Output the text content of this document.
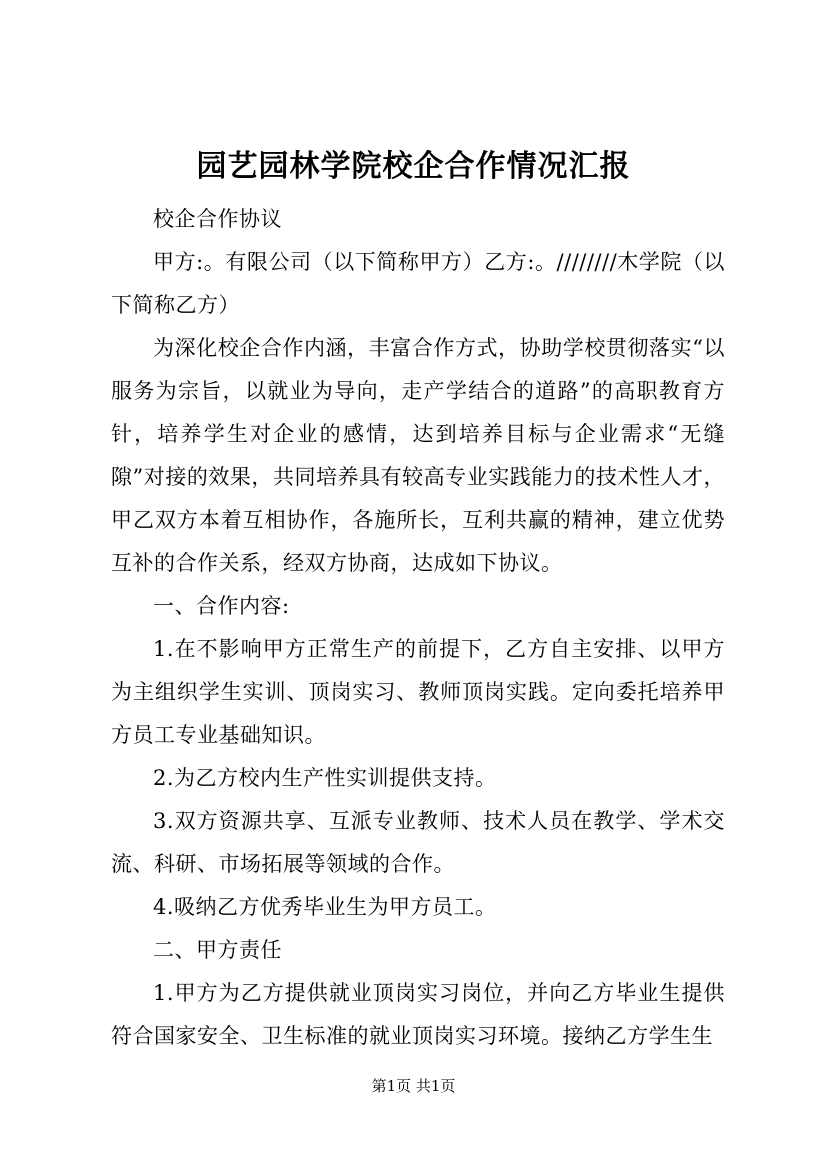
园艺园林学院校企合作情况汇报

校企合作协议

甲方:。有限公司（以下简称甲方）乙方:。////////木学院（以下简称乙方）

为深化校企合作内涵，丰富合作方式，协助学校贯彻落实“以服务为宗旨，以就业为导向，走产学结合的道路”的高职教育方针，培养学生对企业的感情，达到培养目标与企业需求“无缝隙”对接的效果，共同培养具有较高专业实践能力的技术性人才，甲乙双方本着互相协作，各施所长，互利共赢的精神，建立优势互补的合作关系，经双方协商，达成如下协议。

一、合作内容:

1.在不影响甲方正常生产的前提下，乙方自主安排、以甲方为主组织学生实训、顶岗实习、教师顶岗实践。定向委托培养甲方员工专业基础知识。

2.为乙方校内生产性实训提供支持。

3.双方资源共享、互派专业教师、技术人员在教学、学术交流、科研、市场拓展等领域的合作。

4.吸纳乙方优秀毕业生为甲方员工。

二、甲方责任

1.甲方为乙方提供就业顶岗实习岗位，并向乙方毕业生提供符合国家安全、卫生标准的就业顶岗实习环境。接纳乙方学生生

第1页 共1页
